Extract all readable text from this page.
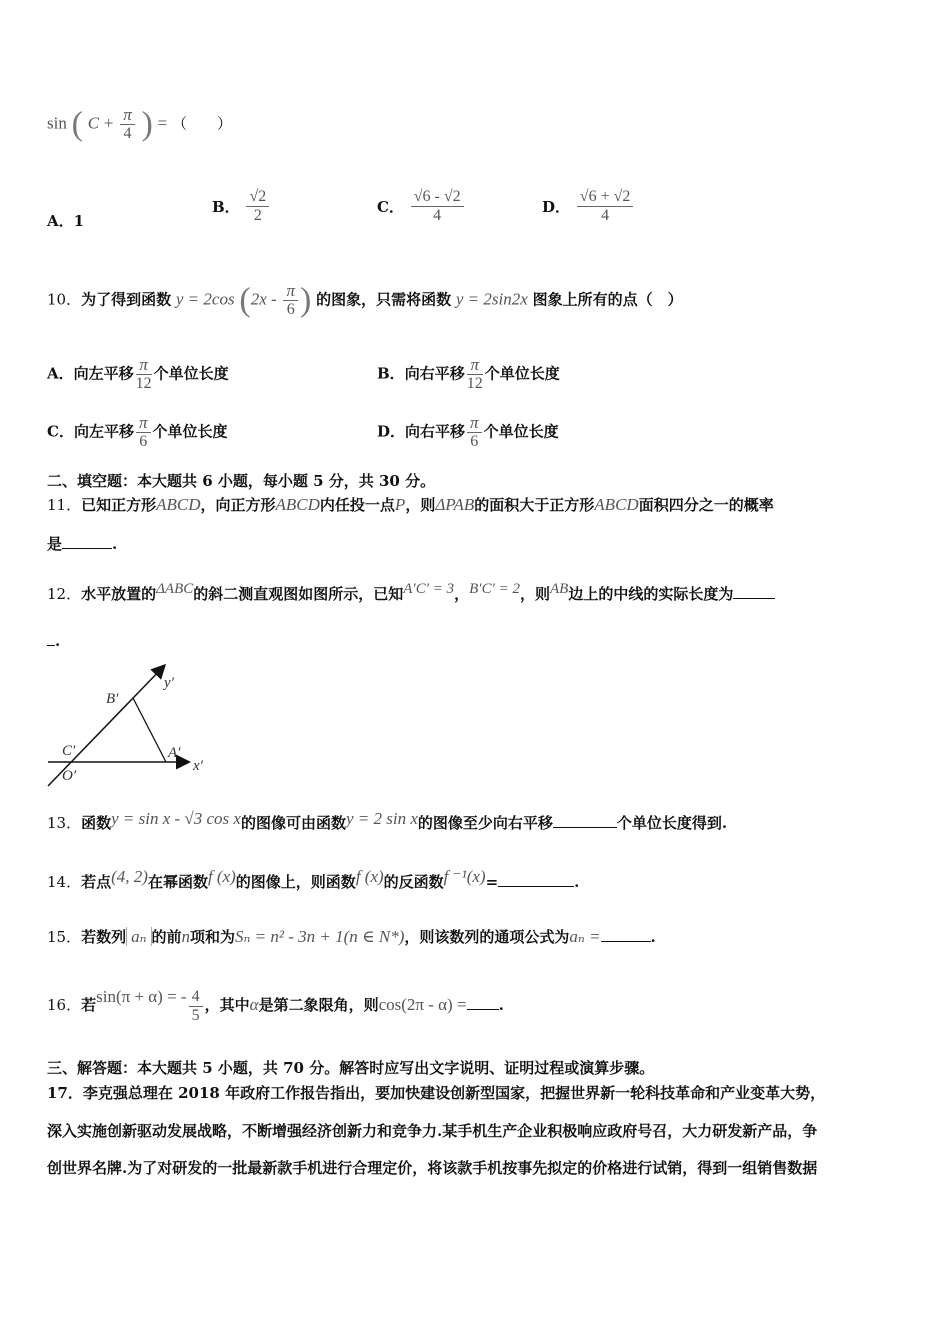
sin ( $C + \frac{\pi}{4}$ ) = （　　）
A．1
B． $\frac{√2}{2}$	C． $\frac{√6 - √2}{4}$	D． $\frac{√6 + √2}{4}$
10．为了得到函数 y = 2cos ($2x - \frac{\pi}{6}$ ) 的图象，只需将函数 y = 2sin2x 图象上所有的点（　）
A．向左平移 $\frac{\pi}{12}$ 个单位长度	B．向右平移 $\frac{\pi}{12}$ 个单位长度
C．向左平移 $\frac{\pi}{6}$ 个单位长度	D．向右平移 $\frac{\pi}{6}$ 个单位长度
二、填空题：本大题共 6 小题，每小题 5 分，共 30 分。
11．已知正方形ABCD，向正方形ABCD内任投一点P，则ΔPAB的面积大于正方形ABCD面积四分之一的概率
是	.
12．水平放置的ΔABC的斜二测直观图如图所示，已知A′C′ = 3，B′C′ = 2，则AB边上的中线的实际长度为
.
B′
C′	A′
O′
x′
y′
13．函数y = sin x - √3 cos x的图像可由函数y = 2 sin x的图像至少向右平移	个单位长度得到.
14．若点(4, 2)在幂函数f (x)的图像上，则函数f (x)的反函数f ⁻¹(x)=	.
15．若数列 aₙ 的前n项和为Sₙ = n² - 3n + 1(n ∈ N*)，则该数列的通项公式为aₙ =	.
16．若sin(π + α) = - $\frac{4}{5}$ ，其中α是第二象限角，则cos(2π - α) = .
三、解答题：本大题共 5 小题，共 70 分。解答时应写出文字说明、证明过程或演算步骤。
17．李克强总理在 2018 年政府工作报告指出，要加快建设创新型国家，把握世界新一轮科技革命和产业变革大势，
深入实施创新驱动发展战略，不断增强经济创新力和竞争力.某手机生产企业积极响应政府号召，大力研发新产品，争
创世界名牌.为了对研发的一批最新款手机进行合理定价，将该款手机按事先拟定的价格进行试销，得到一组销售数据
